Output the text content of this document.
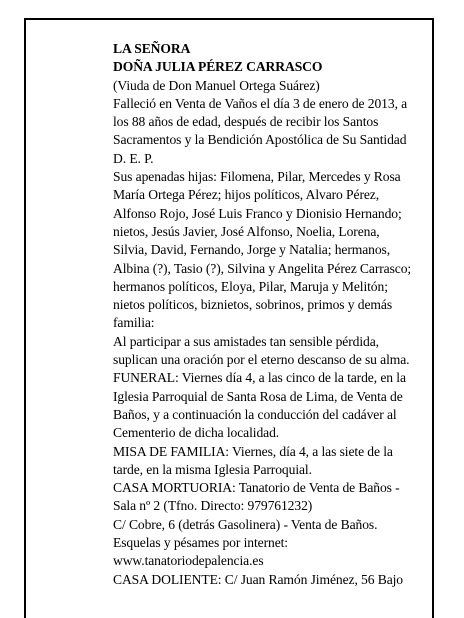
LA SEÑORA
DOÑA JULIA PÉREZ CARRASCO
(Viuda de Don Manuel Ortega Suárez)
Falleció en Venta de Vaños el día 3 de enero de 2013, a
los 88 años de edad, después de recibir los Santos
Sacramentos y la Bendición Apostólica de Su Santidad
D. E. P.
Sus apenadas hijas: Filomena, Pilar, Mercedes y Rosa
María Ortega Pérez; hijos políticos, Alvaro Pérez,
Alfonso Rojo, José Luis Franco y Dionisio Hernando;
nietos, Jesús Javier, José Alfonso, Noelia, Lorena,
Silvia, David, Fernando, Jorge y Natalia; hermanos,
Albina (?), Tasio (?), Silvina y Angelita Pérez Carrasco;
hermanos políticos, Eloya, Pilar, Maruja y Melitón;
nietos políticos, biznietos, sobrinos, primos y demás
familia:
Al participar a sus amistades tan sensible pérdida,
suplican una oración por el eterno descanso de su alma.
FUNERAL: Viernes día 4, a las cinco de la tarde, en la
Iglesia Parroquial de Santa Rosa de Lima, de Venta de
Baños, y a continuación la conducción del cadáver al
Cementerio de dicha localidad.
MISA DE FAMILIA: Viernes, día 4, a las siete de la
tarde, en la misma Iglesia Parroquial.
CASA MORTUORIA: Tanatorio de Venta de Baños -
Sala nº 2 (Tfno. Directo: 979761232)
C/ Cobre, 6 (detrás Gasolinera) - Venta de Baños.
Esquelas y pésames por internet:
www.tanatoriodepalencia.es
CASA DOLIENTE: C/ Juan Ramón Jiménez, 56 Bajo
